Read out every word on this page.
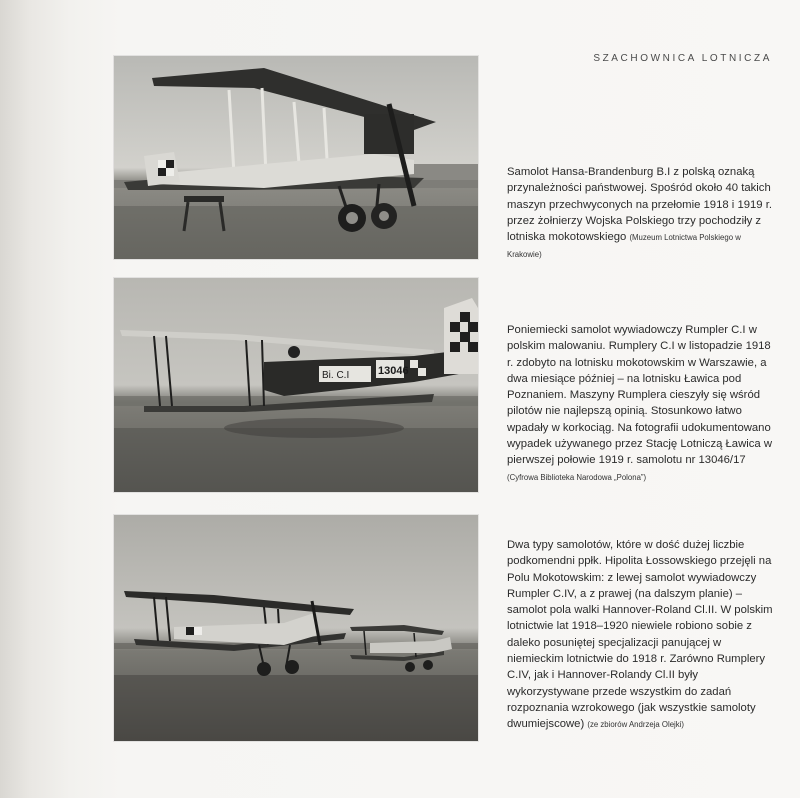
SZACHOWNICA LOTNICZA
Samolot Hansa-Brandenburg B.I z polską oznaką przynależności państwowej. Spośród około 40 takich maszyn przechwyconych na przełomie 1918 i 1919 r. przez żołnierzy Wojska Polskiego trzy pochodziły z lotniska mokotowskiego (Muzeum Lotnictwa Polskiego w Krakowie)
Bi. C.I	13046
Poniemiecki samolot wywiadowczy Rumpler C.I w polskim malowaniu. Rumplery C.I w listopadzie 1918 r. zdobyto na lotnisku mokotowskim w Warszawie, a dwa miesiące później – na lotnisku Ławica pod Poznaniem. Maszyny Rumplera cieszyły się wśród pilotów nie najlepszą opinią. Stosunkowo łatwo wpadały w korkociąg. Na fotografii udokumentowano wypadek używanego przez Stację Lotniczą Ławica w pierwszej połowie 1919 r. samolotu nr 13046/17 (Cyfrowa Biblioteka Narodowa „Polona”)
Dwa typy samolotów, które w dość dużej liczbie podkomendni ppłk. Hipolita Łossowskiego przejęli na Polu Mokotowskim: z lewej samolot wywiadowczy Rumpler C.IV, a z prawej (na dalszym planie) – samolot pola walki Hannover-Roland Cl.II. W polskim lotnictwie lat 1918–1920 niewiele robiono sobie z daleko posuniętej specjalizacji panującej w niemieckim lotnictwie do 1918 r. Zarówno Rumplery C.IV, jak i Hannover-Rolandy Cl.II były wykorzystywane przede wszystkim do zadań rozpoznania wzrokowego (jak wszystkie samoloty dwumiejscowe) (ze zbiorów Andrzeja Olejki)
